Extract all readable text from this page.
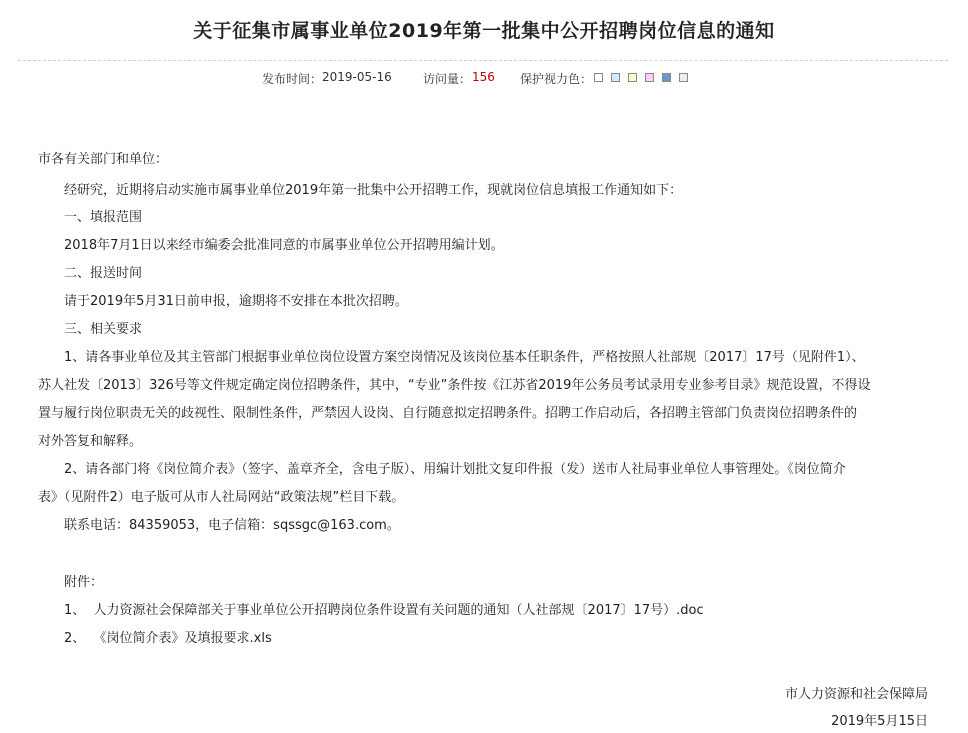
关于征集市属事业单位2019年第一批集中公开招聘岗位信息的通知
发布时间： 2019-05-16	访问量： 156 保护视力色：
市各有关部门和单位：
经研究，近期将启动实施市属事业单位2019年第一批集中公开招聘工作，现就岗位信息填报工作通知如下：
一、填报范围
2018年7月1日以来经市编委会批准同意的市属事业单位公开招聘用编计划。
二、报送时间
请于2019年5月31日前申报，逾期将不安排在本批次招聘。
三、相关要求
1、请各事业单位及其主管部门根据事业单位岗位设置方案空岗情况及该岗位基本任职条件，严格按照人社部规〔2017〕17号（见附件1）、
苏人社发〔2013〕326号等文件规定确定岗位招聘条件，其中，“专业”条件按《江苏省2019年公务员考试录用专业参考目录》规范设置，不得设
置与履行岗位职责无关的歧视性、限制性条件，严禁因人设岗、自行随意拟定招聘条件。招聘工作启动后，各招聘主管部门负责岗位招聘条件的
对外答复和解释。
2、请各部门将《岗位简介表》（签字、盖章齐全，含电子版）、用编计划批文复印件报（发）送市人社局事业单位人事管理处。《岗位简介
表》（见附件2）电子版可从市人社局网站“政策法规”栏目下载。
联系电话：84359053，电子信箱：sqssgc@163.com。
附件：
1、 人力资源社会保障部关于事业单位公开招聘岗位条件设置有关问题的通知（人社部规〔2017〕17号）.doc
2、 《岗位简介表》及填报要求.xls
市人力资源和社会保障局
2019年5月15日
